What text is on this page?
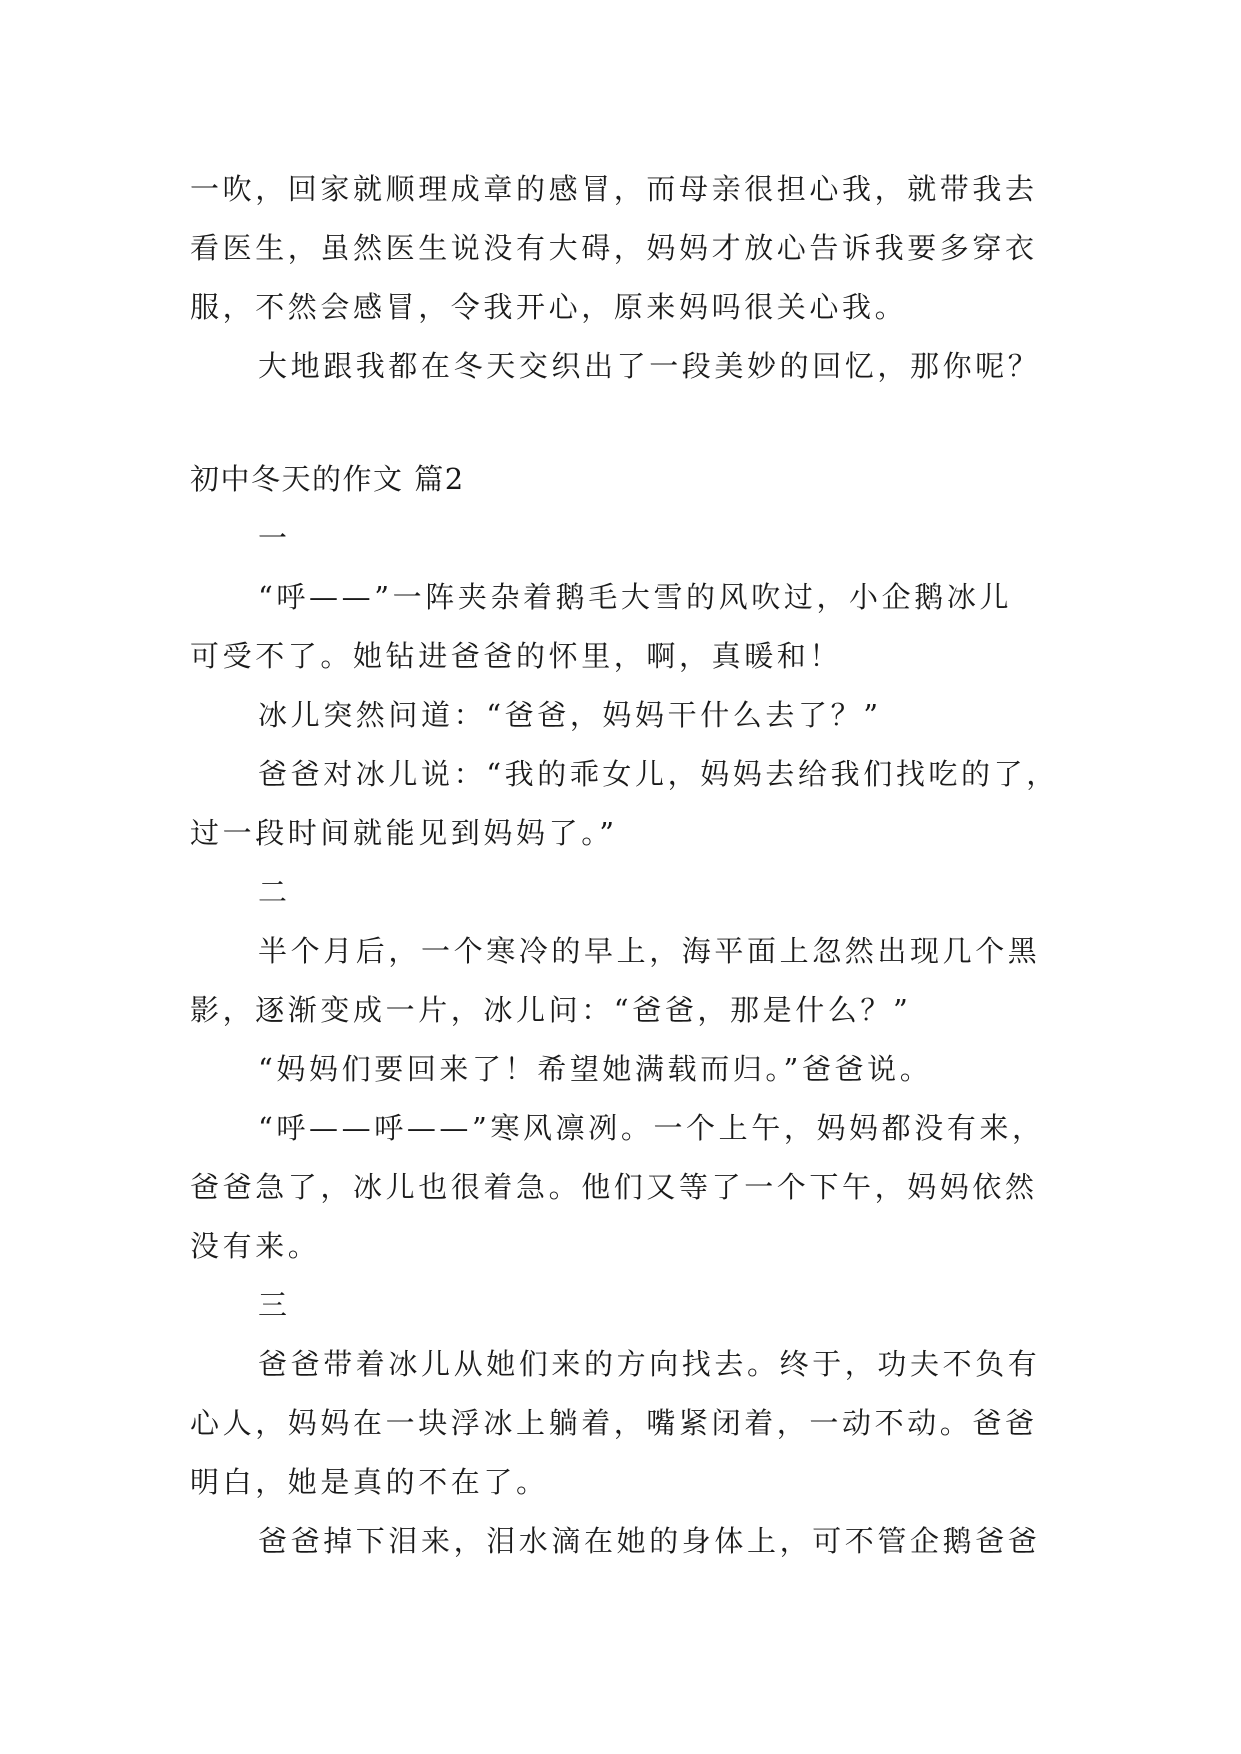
一吹，回家就顺理成章的感冒，而母亲很担心我，就带我去
看医生，虽然医生说没有大碍，妈妈才放心告诉我要多穿衣
服，不然会感冒，令我开心，原来妈吗很关心我。
大地跟我都在冬天交织出了一段美妙的回忆，那你呢？
初中冬天的作文 篇2
一
“呼——”一阵夹杂着鹅毛大雪的风吹过，小企鹅冰儿
可受不了。她钻进爸爸的怀里，啊，真暖和！
冰儿突然问道：“爸爸，妈妈干什么去了？”
爸爸对冰儿说：“我的乖女儿，妈妈去给我们找吃的了，
过一段时间就能见到妈妈了。”
二
半个月后，一个寒冷的早上，海平面上忽然出现几个黑
影，逐渐变成一片，冰儿问：“爸爸，那是什么？”
“妈妈们要回来了！希望她满载而归。”爸爸说。
“呼——呼——”寒风凛冽。一个上午，妈妈都没有来，
爸爸急了，冰儿也很着急。他们又等了一个下午，妈妈依然
没有来。
三
爸爸带着冰儿从她们来的方向找去。终于，功夫不负有
心人，妈妈在一块浮冰上躺着，嘴紧闭着，一动不动。爸爸
明白，她是真的不在了。
爸爸掉下泪来，泪水滴在她的身体上，可不管企鹅爸爸
